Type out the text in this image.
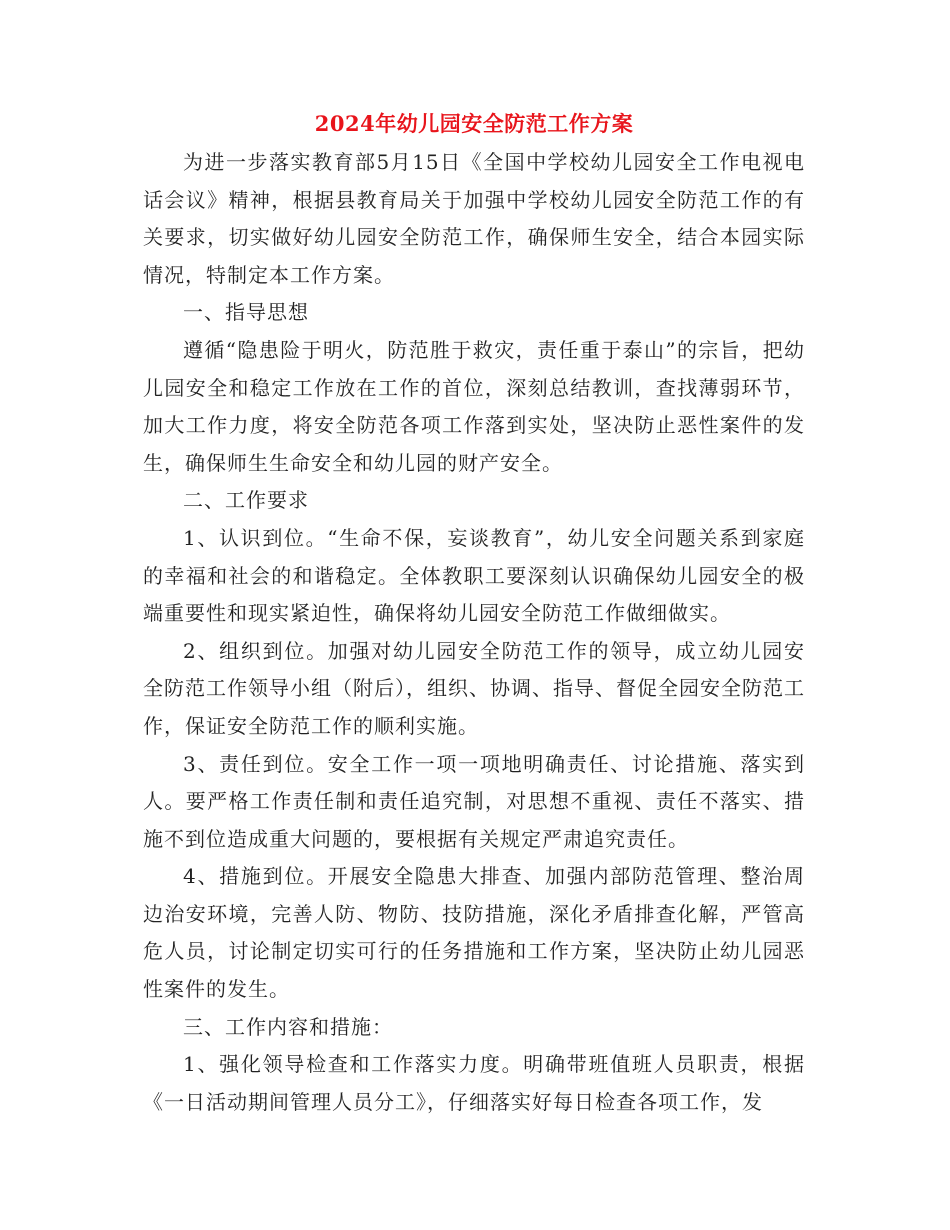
2024年幼儿园安全防范工作方案

为进一步落实教育部5月15日《全国中学校幼儿园安全工作电视电话会议》精神，根据县教育局关于加强中学校幼儿园安全防范工作的有关要求，切实做好幼儿园安全防范工作，确保师生安全，结合本园实际情况，特制定本工作方案。

一、指导思想

遵循“隐患险于明火，防范胜于救灾，责任重于泰山”的宗旨，把幼儿园安全和稳定工作放在工作的首位，深刻总结教训，查找薄弱环节，加大工作力度，将安全防范各项工作落到实处，坚决防止恶性案件的发生，确保师生生命安全和幼儿园的财产安全。

二、工作要求

1、认识到位。“生命不保，妄谈教育”，幼儿安全问题关系到家庭的幸福和社会的和谐稳定。全体教职工要深刻认识确保幼儿园安全的极端重要性和现实紧迫性，确保将幼儿园安全防范工作做细做实。

2、组织到位。加强对幼儿园安全防范工作的领导，成立幼儿园安全防范工作领导小组（附后），组织、协调、指导、督促全园安全防范工作，保证安全防范工作的顺利实施。

3、责任到位。安全工作一项一项地明确责任、讨论措施、落实到人。要严格工作责任制和责任追究制，对思想不重视、责任不落实、措施不到位造成重大问题的，要根据有关规定严肃追究责任。

4、措施到位。开展安全隐患大排查、加强内部防范管理、整治周边治安环境，完善人防、物防、技防措施，深化矛盾排查化解，严管高危人员，讨论制定切实可行的任务措施和工作方案，坚决防止幼儿园恶性案件的发生。

三、工作内容和措施：

1、强化领导检查和工作落实力度。明确带班值班人员职责，根据《一日活动期间管理人员分工》，仔细落实好每日检查各项工作，发
